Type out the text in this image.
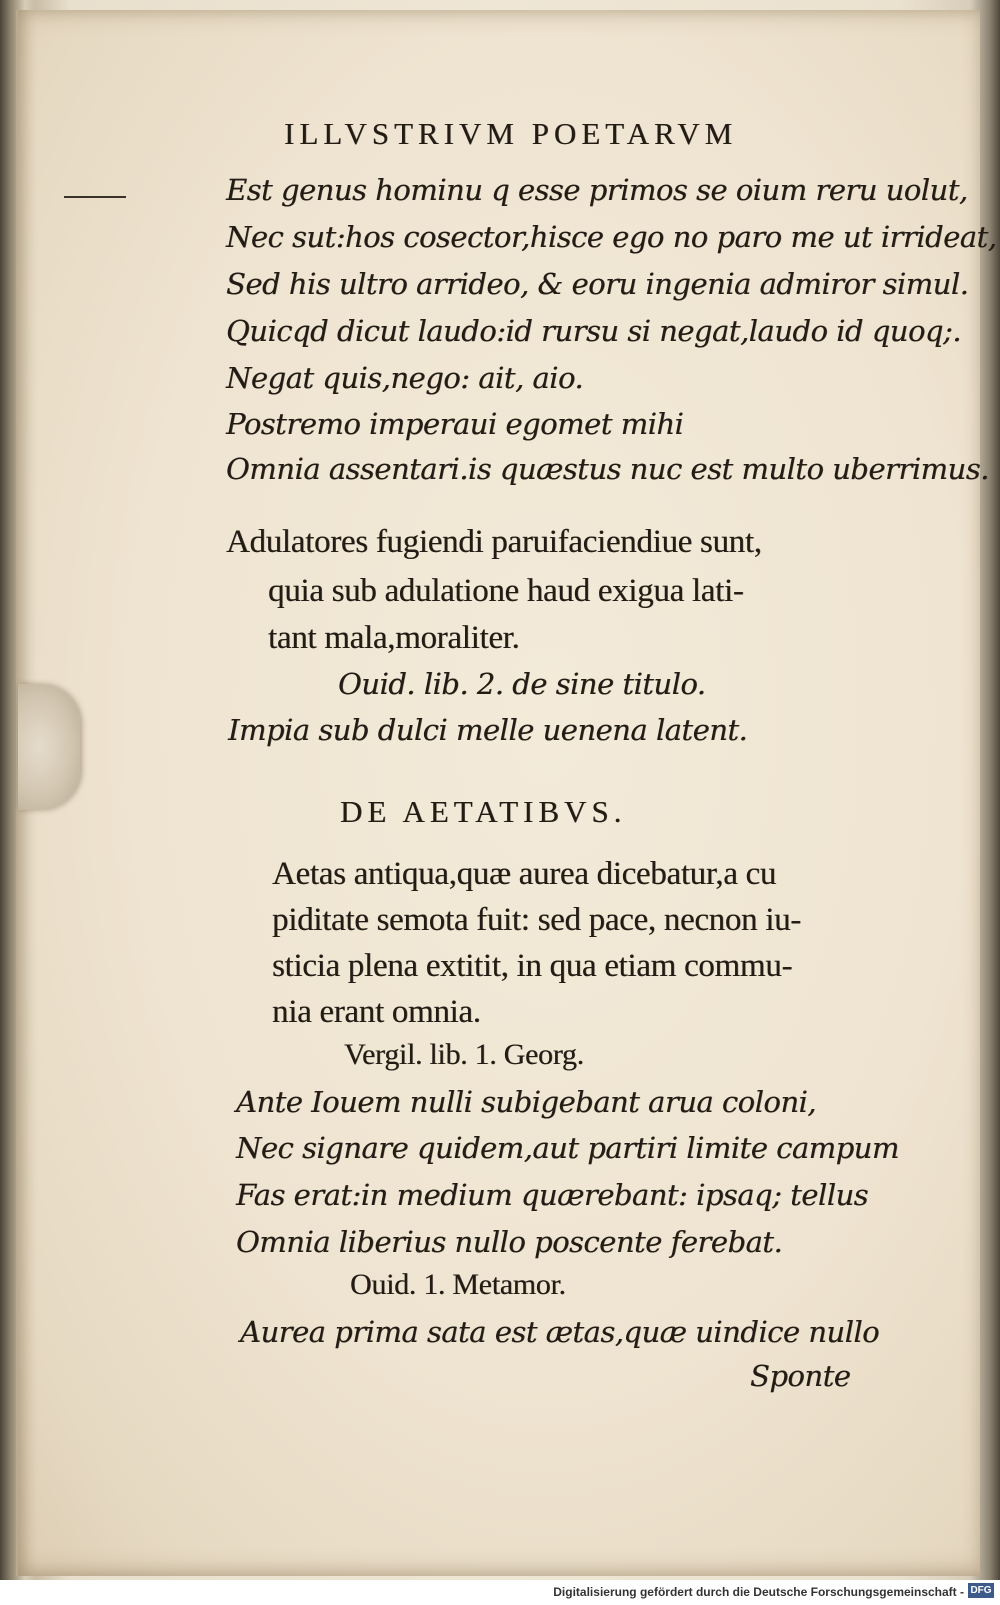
ILLVSTRIVM POETARVM
Est genus hominu q esse primos se oium reru uolut,
Nec sut:hos cosector,hisce ego no paro me ut irrideat,
Sed his ultro arrideo, & eoru ingenia admiror simul.
Quicqd dicut laudo:id rursu si negat,laudo id quoq;.
Negat quis,nego: ait, aio.
Postremo imperaui egomet mihi
Omnia assentari.is quæstus nuc est multo uberrimus.
Adulatores fugiendi paruifaciendiue sunt,
quia sub adulatione haud exigua lati-
tant mala,moraliter.
Ouid. lib. 2. de sine titulo.
Impia sub dulci melle uenena latent.
DE AETATIBVS.
Aetas antiqua,quæ aurea dicebatur,a cu
piditate semota fuit: sed pace, necnon iu-
sticia plena extitit, in qua etiam commu-
nia erant omnia.
Vergil. lib. 1. Georg.
Ante Iouem nulli subigebant arua coloni,
Nec signare quidem,aut partiri limite campum
Fas erat:in medium quærebant: ipsaq; tellus
Omnia liberius nullo poscente ferebat.
Ouid. 1. Metamor.
Aurea prima sata est ætas,quæ uindice nullo
Sponte
Digitalisierung gefördert durch die Deutsche Forschungsgemeinschaft - DFG
